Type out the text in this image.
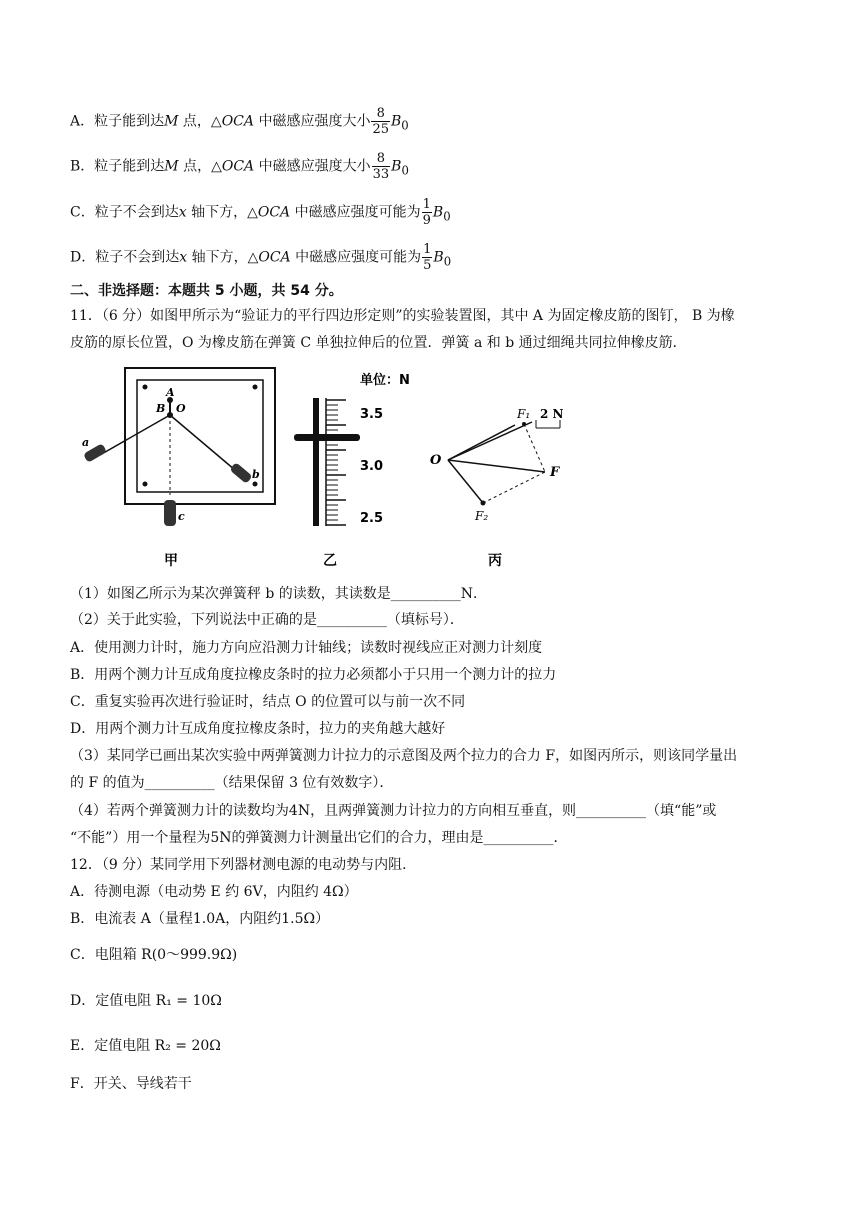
A．粒子能到达M 点，△OCA 中磁感应强度大小 $\frac{8}{25} B_0$
B．粒子能到达M 点，△OCA 中磁感应强度大小 $\frac{8}{33} B_0$
C．粒子不会到达x 轴下方，△OCA 中磁感应强度可能为 $\frac{1}{9} B_0$
D．粒子不会到达x 轴下方，△OCA 中磁感应强度可能为 $\frac{1}{5} B_0$
二、非选择题：本题共 5 小题，共 54 分。
11．（6 分）如图甲所示为“验证力的平行四边形定则”的实验装置图，其中 A 为固定橡皮筋的图钉， B 为橡
皮筋的原长位置，O 为橡皮筋在弹簧 C 单独拉伸后的位置．弹簧 a 和 b 通过细绳共同拉伸橡皮筋．
A
B O
a
b
c
甲
单位：N
3.5
3.0
2.5
乙
O
F₁ 2 N
F
F₂
丙
（1）如图乙所示为某次弹簧秤 b 的读数，其读数是__________N．
（2）关于此实验，下列说法中正确的是__________（填标号）．
A．使用测力计时，施力方向应沿测力计轴线；读数时视线应正对测力计刻度
B．用两个测力计互成角度拉橡皮条时的拉力必须都小于只用一个测力计的拉力
C．重复实验再次进行验证时，结点 O 的位置可以与前一次不同
D．用两个测力计互成角度拉橡皮条时，拉力的夹角越大越好
（3）某同学已画出某次实验中两弹簧测力计拉力的示意图及两个拉力的合力 F，如图丙所示，则该同学量出
的 F 的值为__________（结果保留 3 位有效数字）．
（4）若两个弹簧测力计的读数均为4N，且两弹簧测力计拉力的方向相互垂直，则__________（填“能”或
“不能”）用一个量程为5N的弹簧测力计测量出它们的合力，理由是__________．
12．（9 分）某同学用下列器材测电源的电动势与内阻．
A．待测电源（电动势 E 约 6V，内阻约 4Ω）
B．电流表 A（量程1.0A，内阻约1.5Ω）
C．电阻箱 R(0～999.9Ω)
D．定值电阻 R₁ = 10Ω
E．定值电阻 R₂ = 20Ω
F．开关、导线若干
